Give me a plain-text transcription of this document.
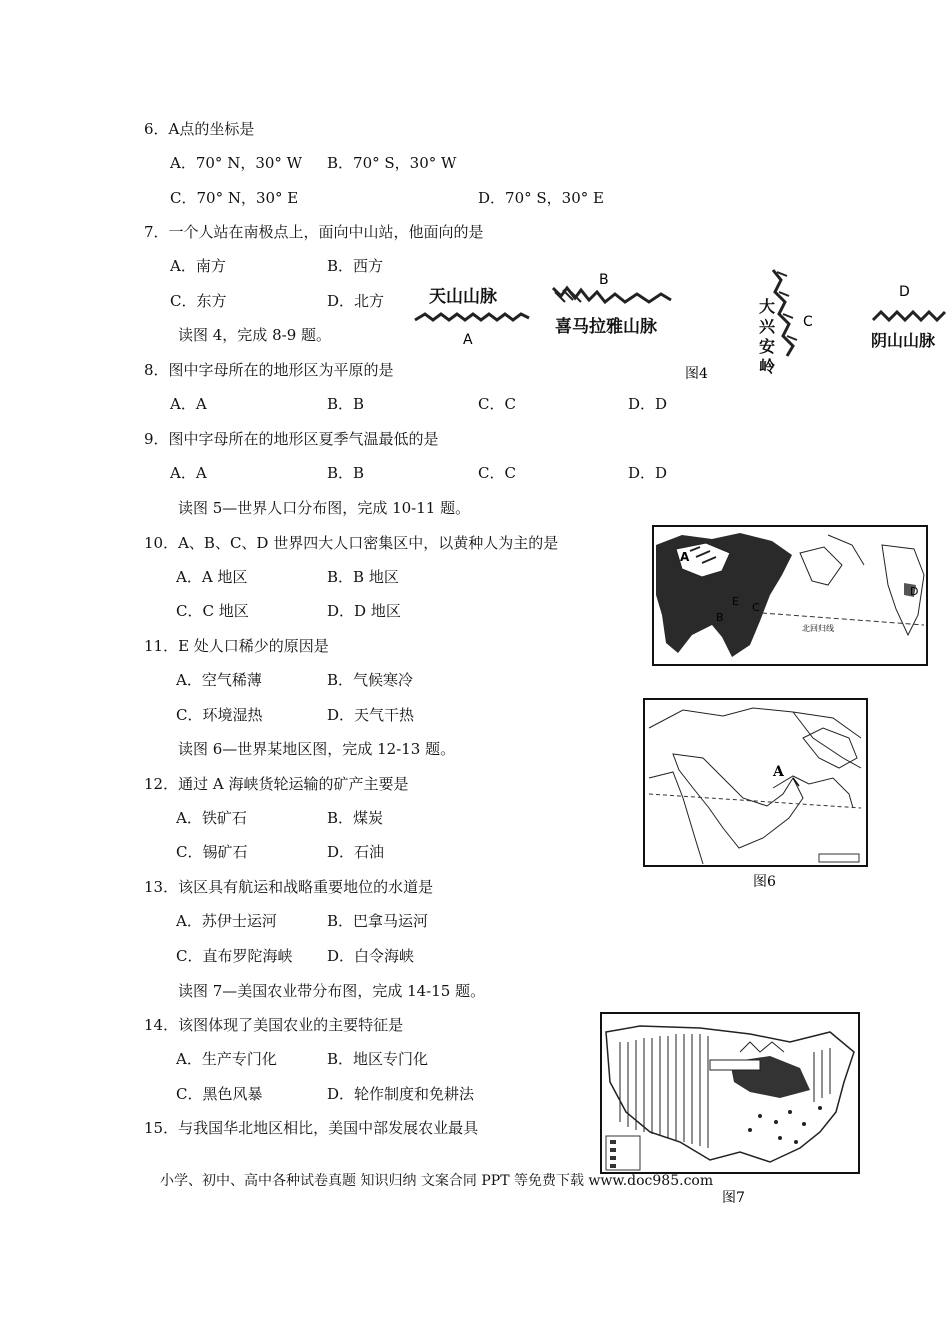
6．A点的坐标是
A．70° N，30° W B．70° S，30° W
C．70° N，30° E	D．70° S，30° E
7．一个人站在南极点上，面向中山站，他面向的是
A．南方	B．西方
C．东方	D．北方
读图 4，完成 8-9 题。
天山山脉
A
B
喜马拉雅山脉
大
兴
安
岭
C
D
阴山山脉
图4
8．图中字母所在的地形区为平原的是
A．A	B．B	C．C	D．D
9．图中字母所在的地形区夏季气温最低的是
A．A	B．B	C．C	D．D
读图 5—世界人口分布图，完成 10-11 题。
A
B
C
D
E
北回归线
10．A、B、C、D 世界四大人口密集区中，以黄种人为主的是
A．A 地区	B．B 地区
C．C 地区	D．D 地区
11．E 处人口稀少的原因是
A．空气稀薄	B．气候寒冷
C．环境湿热	D．天气干热
读图 6—世界某地区图，完成 12-13 题。
A
图6
12．通过 A 海峡货轮运输的矿产主要是
A．铁矿石	B．煤炭
C．锡矿石	D．石油
13．该区具有航运和战略重要地位的水道是
A．苏伊士运河	B．巴拿马运河
C．直布罗陀海峡 D．白令海峡
读图 7—美国农业带分布图，完成 14-15 题。
图7
14．该图体现了美国农业的主要特征是
A．生产专门化	B．地区专门化
C．黑色风暴	D．轮作制度和免耕法
15．与我国华北地区相比，美国中部发展农业最具
小学、初中、高中各种试卷真题 知识归纳 文案合同 PPT 等免费下载 www.doc985.com
